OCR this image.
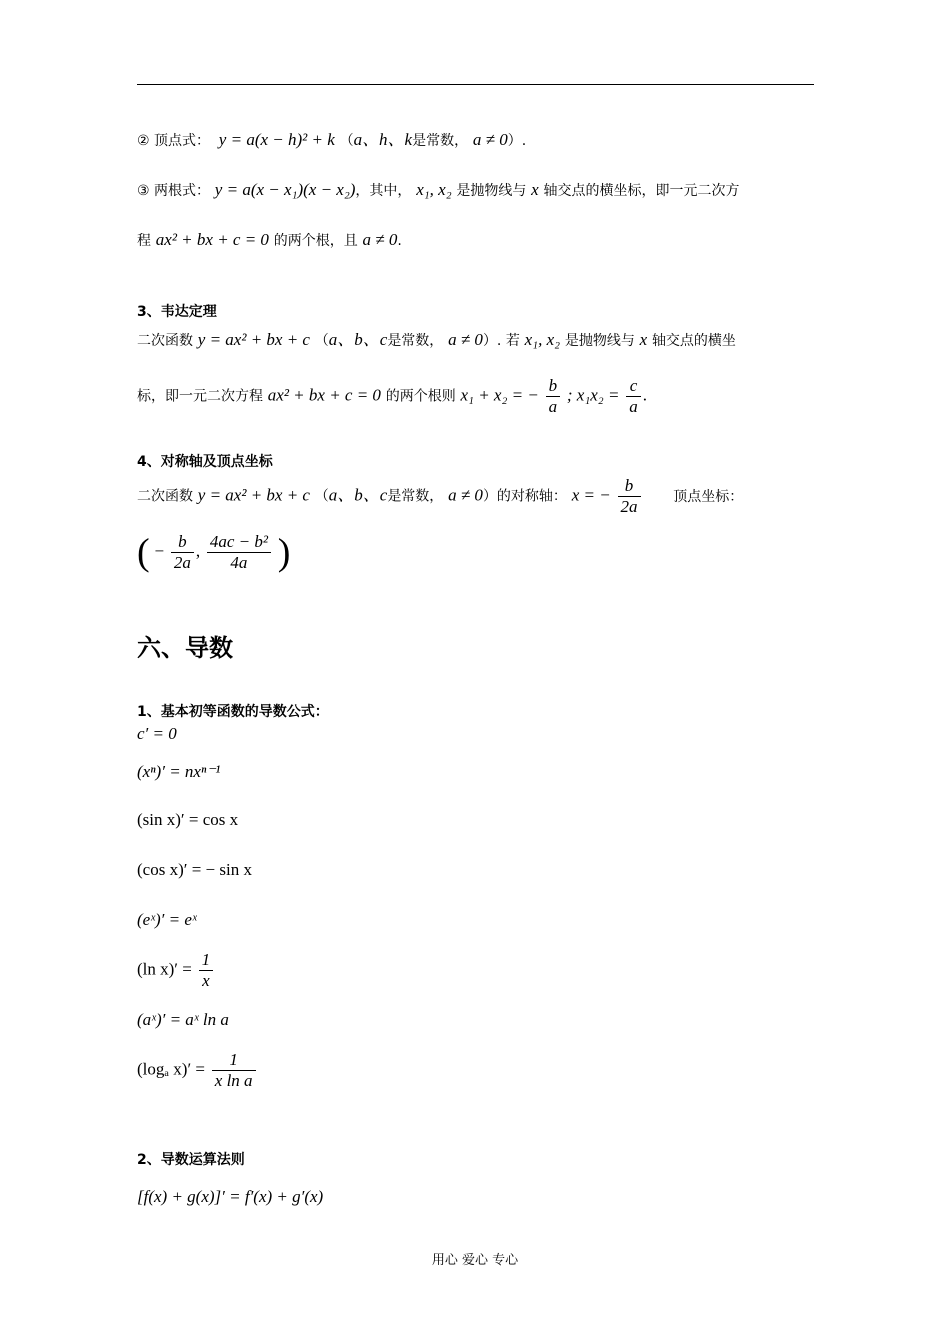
② 顶点式： y = a(x − h)² + k （a、h、k是常数， a ≠ 0）.
③ 两根式： y = a(x − x₁)(x − x₂)，其中， x₁, x₂ 是抛物线与 x 轴交点的横坐标，即一元二次方
程 ax² + bx + c = 0 的两个根，且 a ≠ 0.
3、韦达定理
二次函数 y = ax² + bx + c （a、b、c是常数， a ≠ 0）. 若 x₁, x₂ 是抛物线与 x 轴交点的横坐
标，即一元二次方程 ax² + bx + c = 0 的两个根则 x₁ + x₂ = − $\frac{b}{a}$ ; $x_1x_2 = \frac{c}{a}$ .
4、对称轴及顶点坐标
二次函数 y = ax² + bx + c （a、b、c是常数， a ≠ 0）的对称轴： x = − $\frac{b}{2a}$ 顶点坐标：
( − $\frac{b}{2a}$ , $\frac{\text{4ac − b²}}{4a}$ )
六、导数
1、基本初等函数的导数公式：
c′ = 0
(xⁿ)′ = nxⁿ⁻¹
(sin x)′ = cos x
(cos x)′ = − sin x
(eˣ)′ = eˣ
(ln $x)' = \frac{1}{x}$
(aˣ)′ = aˣ ln a
(logₐ $x)' = \frac{1}{\text{x ln a}}$
2、导数运算法则
[f(x) + g(x)]′ = f′(x) + g′(x)
用心 爱心 专心
